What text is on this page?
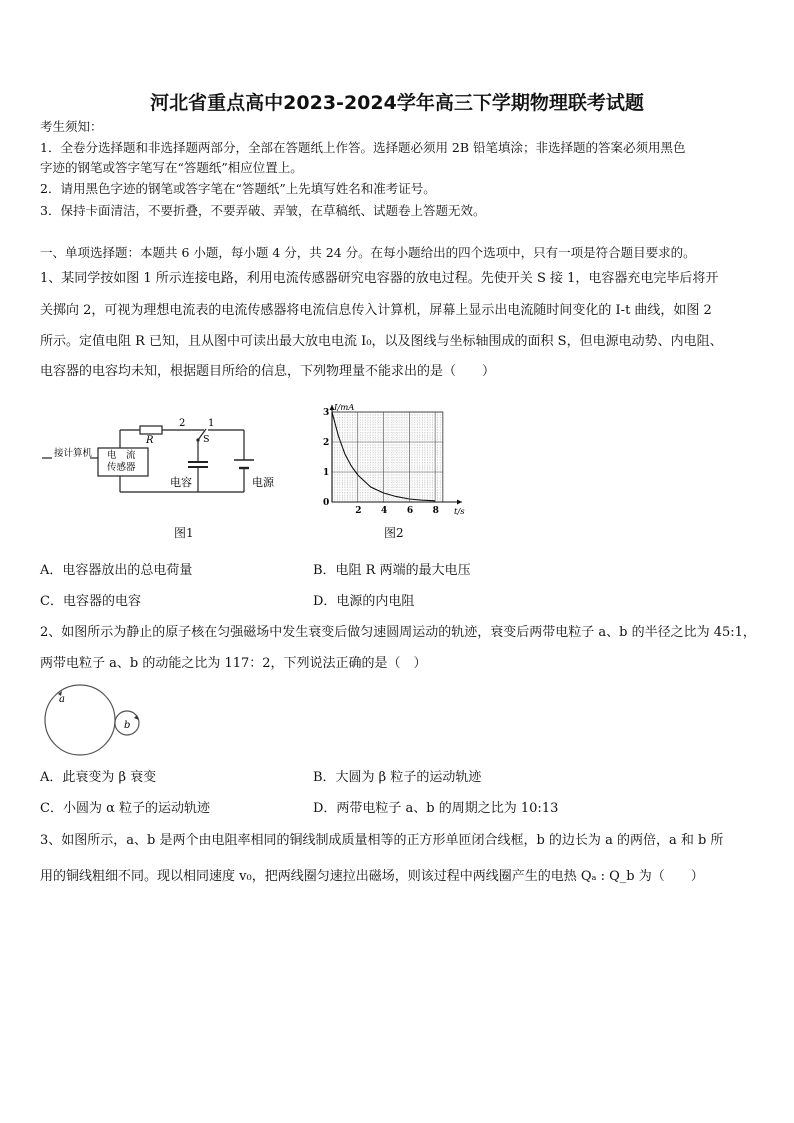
河北省重点高中2023-2024学年高三下学期物理联考试题
考生须知：
1．全卷分选择题和非选择题两部分，全部在答题纸上作答。选择题必须用 2B 铅笔填涂；非选择题的答案必须用黑色
字迹的钢笔或答字笔写在“答题纸”相应位置上。
2．请用黑色字迹的钢笔或答字笔在“答题纸”上先填写姓名和准考证号。
3．保持卡面清洁，不要折叠，不要弄破、弄皱，在草稿纸、试题卷上答题无效。
一、单项选择题：本题共 6 小题，每小题 4 分，共 24 分。在每小题给出的四个选项中，只有一项是符合题目要求的。
1、某同学按如图 1 所示连接电路，利用电流传感器研究电容器的放电过程。先使开关 S 接 1，电容器充电完毕后将开
关掷向 2，可视为理想电流表的电流传感器将电流信息传入计算机，屏幕上显示出电流随时间变化的 I-t 曲线，如图 2
所示。定值电阻 R 已知，且从图中可读出最大放电电流 I₀，以及图线与坐标轴围成的面积 S，但电源电动势、内电阻、
电容器的电容均未知，根据题目所给的信息，下列物理量不能求出的是（　　）
接计算机 电　流
传感器
R
2 1
S
电容	电源
图1
3
2
1
0
2 4 6 8
I/mA
t/s
图2
A．电容器放出的总电荷量	B．电阻 R 两端的最大电压
C．电容器的电容	D．电源的内电阻
2、如图所示为静止的原子核在匀强磁场中发生衰变后做匀速圆周运动的轨迹，衰变后两带电粒子 a、b 的半径之比为 45:1，
两带电粒子 a、b 的动能之比为 117：2，下列说法正确的是（　）
a
b
A．此衰变为 β 衰变	B．大圆为 β 粒子的运动轨迹
C．小圆为 α 粒子的运动轨迹	D．两带电粒子 a、b 的周期之比为 10:13
3、如图所示，a、b 是两个由电阻率相同的铜线制成质量相等的正方形单匝闭合线框，b 的边长为 a 的两倍，a 和 b 所
用的铜线粗细不同。现以相同速度 v₀，把两线圈匀速拉出磁场，则该过程中两线圈产生的电热 Qₐ : Q_b 为（　　）
